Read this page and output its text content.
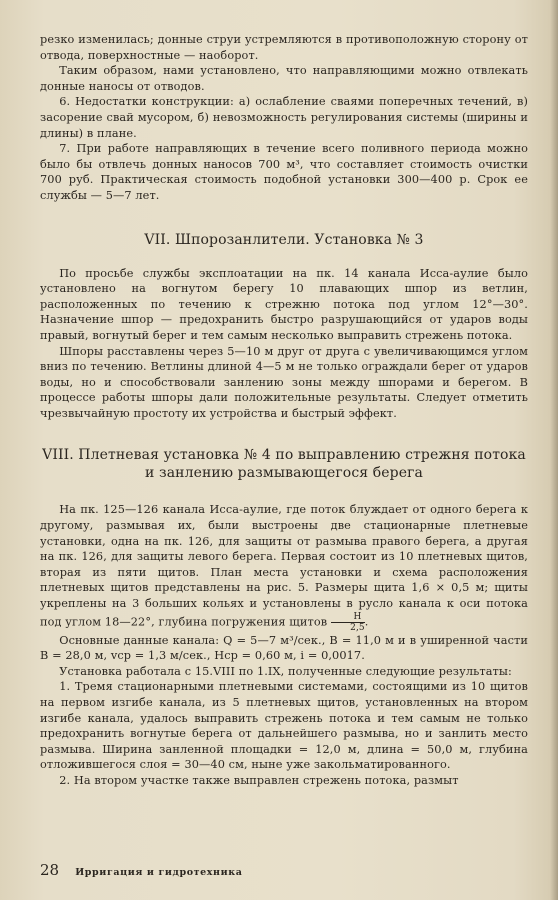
резко изменилась; донные струи устремляются в противоположную сторону от отвода, поверхностные — наоборот.

Таким образом, нами установлено, что направляющими можно отвлекать донные наносы от отводов.

6. Недостатки конструкции: а) ослабление сваями поперечных течений, в) засорение свай мусором, б) невозможность регулирования системы (ширины и длины) в плане.

7. При работе направляющих в течение всего поливного периода можно было бы отвлечь донных наносов 700 м³, что составляет стоимость очистки 700 руб. Практическая стоимость подобной установки 300—400 р. Срок ее службы — 5—7 лет.

VII. Шпорозанлители. Установка № 3

По просьбе службы эксплоатации на пк. 14 канала Исса-аулие было установлено на вогнутом берегу 10 плавающих шпор из ветлин, расположенных по течению к стрежню потока под углом 12°—30°. Назначение шпор — предохранить быстро разрушающийся от ударов воды правый, вогнутый берег и тем самым несколько выправить стрежень потока.

Шпоры расставлены через 5—10 м друг от друга с увеличивающимся углом вниз по течению. Ветлины длиной 4—5 м не только ограждали берег от ударов воды, но и способствовали занлению зоны между шпорами и берегом. В процессе работы шпоры дали положительные результаты. Следует отметить чрезвычайную простоту их устройства и быстрый эффект.

VIII. Плетневая установка № 4 по выправлению стрежня потока и занлению размывающегося берега

На пк. 125—126 канала Исса-аулие, где поток блуждает от одного берега к другому, размывая их, были выстроены две стационарные плетневые установки, одна на пк. 126, для защиты от размыва правого берега, а другая на пк. 126, для защиты левого берега. Первая состоит из 10 плетневых щитов, вторая из пяти щитов. План места установки и схема расположения плетневых щитов представлены на рис. 5. Размеры щита 1,6 × 0,5 м; щиты укреплены на 3 больших кольях и установлены в русло канала к оси потока под углом 18—22°, глубина погружения щитов $\frac{H}{2,5}$ .

Основные данные канала: Q = 5—7 м³/сек., B = 11,0 м и в уширенной части B = 28,0 м, vср = 1,3 м/сек., Hср = 0,60 м, i = 0,0017.

Установка работала с 15.VIII по 1.IX, полученные следующие результаты:

1. Тремя стационарными плетневыми системами, состоящими из 10 щитов на первом изгибе канала, из 5 плетневых щитов, установленных на втором изгибе канала, удалось выправить стрежень потока и тем самым не только предохранить вогнутые берега от дальнейшего размыва, но и занлить место размыва. Ширина занленной площадки = 12,0 м, длина = 50,0 м, глубина отложившегося слоя = 30—40 см, ныне уже закольматированного.

2. На втором участке также выправлен стрежень потока, размыт

28 Ирригация и гидротехника
